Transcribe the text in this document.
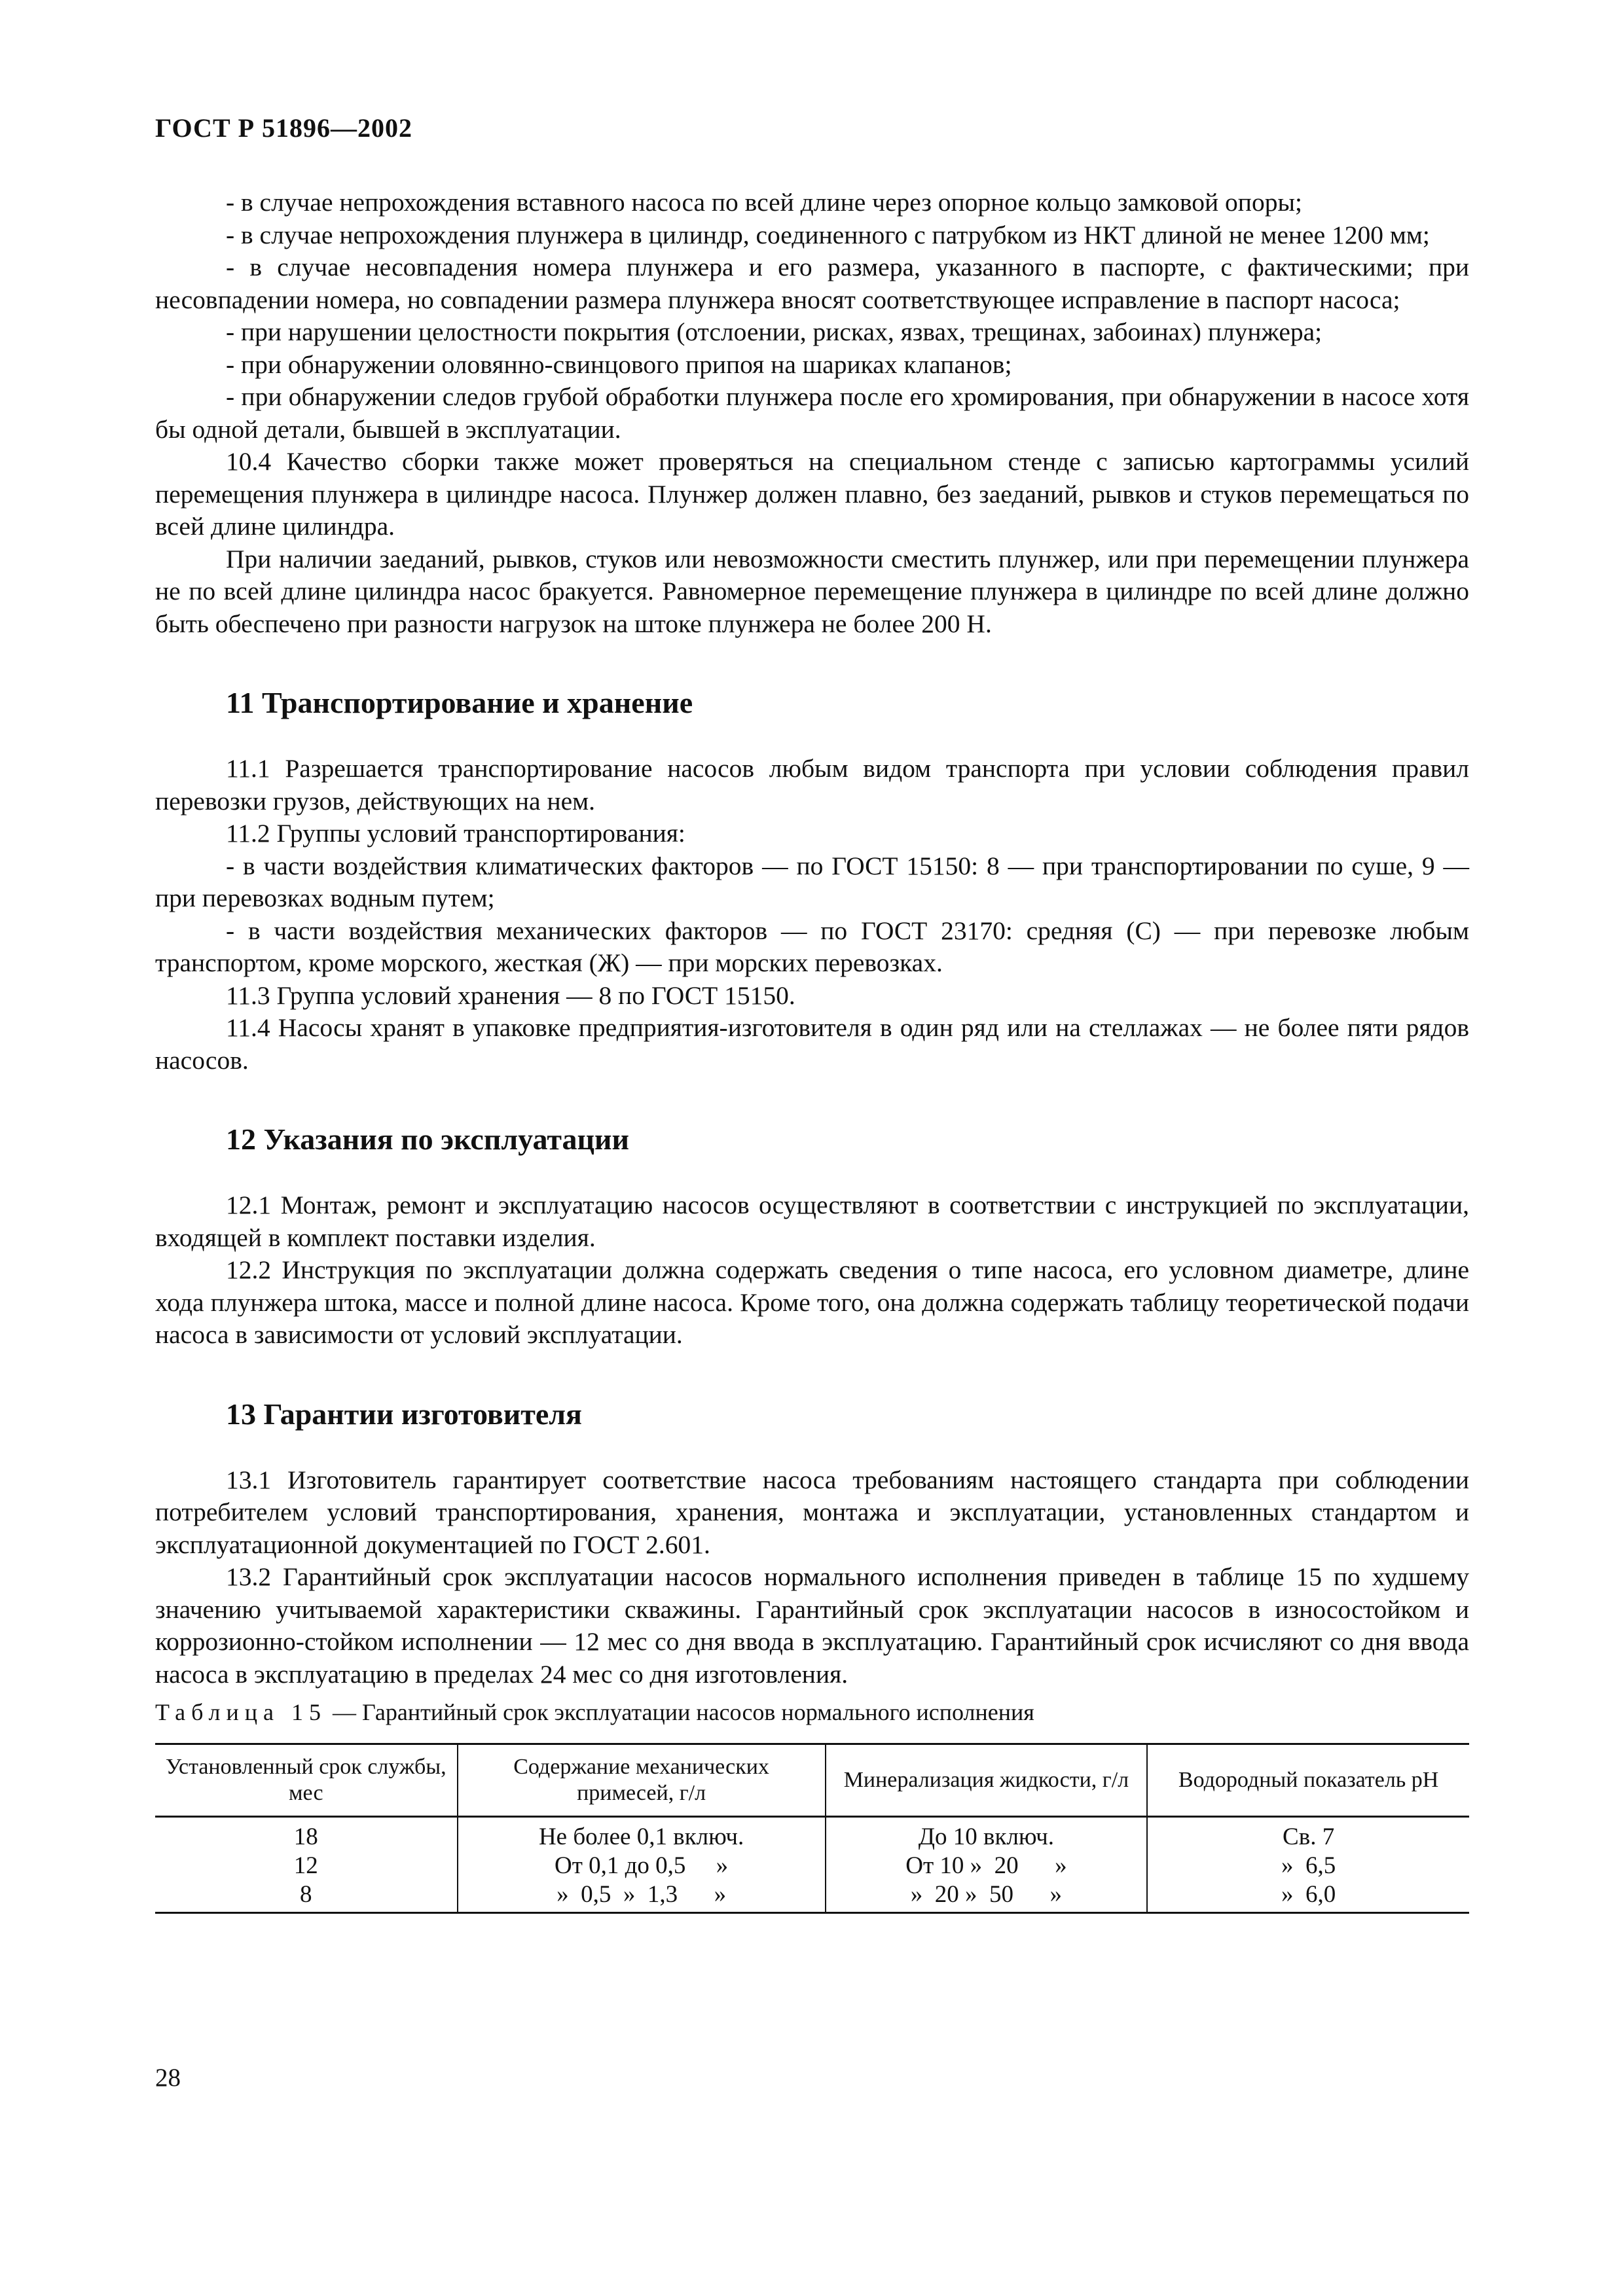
ГОСТ Р 51896—2002

- в случае непрохождения вставного насоса по всей длине через опорное кольцо замковой опоры;

- в случае непрохождения плунжера в цилиндр, соединенного с патрубком из НКТ длиной не менее 1200 мм;

- в случае несовпадения номера плунжера и его размера, указанного в паспорте, с фактическими; при несовпадении номера, но совпадении размера плунжера вносят соответствующее исправление в паспорт насоса;

- при нарушении целостности покрытия (отслоении, рисках, язвах, трещинах, забоинах) плунжера;

- при обнаружении оловянно-свинцового припоя на шариках клапанов;

- при обнаружении следов грубой обработки плунжера после его хромирования, при обнаружении в насосе хотя бы одной детали, бывшей в эксплуатации.

10.4 Качество сборки также может проверяться на специальном стенде с записью картограммы усилий перемещения плунжера в цилиндре насоса. Плунжер должен плавно, без заеданий, рывков и стуков перемещаться по всей длине цилиндра.

При наличии заеданий, рывков, стуков или невозможности сместить плунжер, или при перемещении плунжера не по всей длине цилиндра насос бракуется. Равномерное перемещение плунжера в цилиндре по всей длине должно быть обеспечено при разности нагрузок на штоке плунжера не более 200 Н.

11 Транспортирование и хранение

11.1 Разрешается транспортирование насосов любым видом транспорта при условии соблюдения правил перевозки грузов, действующих на нем.

11.2 Группы условий транспортирования:

- в части воздействия климатических факторов — по ГОСТ 15150: 8 — при транспортировании по суше, 9 — при перевозках водным путем;

- в части воздействия механических факторов — по ГОСТ 23170: средняя (С) — при перевозке любым транспортом, кроме морского, жесткая (Ж) — при морских перевозках.

11.3 Группа условий хранения — 8 по ГОСТ 15150.

11.4 Насосы хранят в упаковке предприятия-изготовителя в один ряд или на стеллажах — не более пяти рядов насосов.

12 Указания по эксплуатации

12.1 Монтаж, ремонт и эксплуатацию насосов осуществляют в соответствии с инструкцией по эксплуатации, входящей в комплект поставки изделия.

12.2 Инструкция по эксплуатации должна содержать сведения о типе насоса, его условном диаметре, длине хода плунжера штока, массе и полной длине насоса. Кроме того, она должна содержать таблицу теоретической подачи насоса в зависимости от условий эксплуатации.

13 Гарантии изготовителя

13.1 Изготовитель гарантирует соответствие насоса требованиям настоящего стандарта при соблюдении потребителем условий транспортирования, хранения, монтажа и эксплуатации, установленных стандартом и эксплуатационной документацией по ГОСТ 2.601.

13.2 Гарантийный срок эксплуатации насосов нормального исполнения приведен в таблице 15 по худшему значению учитываемой характеристики скважины. Гарантийный срок эксплуатации насосов в износостойком и коррозионно-стойком исполнении — 12 мес со дня ввода в эксплуатацию. Гарантийный срок исчисляют со дня ввода насоса в эксплуатацию в пределах 24 мес со дня изготовления.

Таблица 15 — Гарантийный срок эксплуатации насосов нормального исполнения
Установленный срок службы, мес	Содержание механических примесей, г/л	Минерализация жидкости, г/л	Водородный показатель pH
18	Не более 0,1 включ.	До 10 включ.	Св. 7
12	От 0,1 до 0,5     »	От 10 »  20      »	»  6,5
8	»  0,5  »  1,3      »	»  20 »  50      »	»  6,0
28
